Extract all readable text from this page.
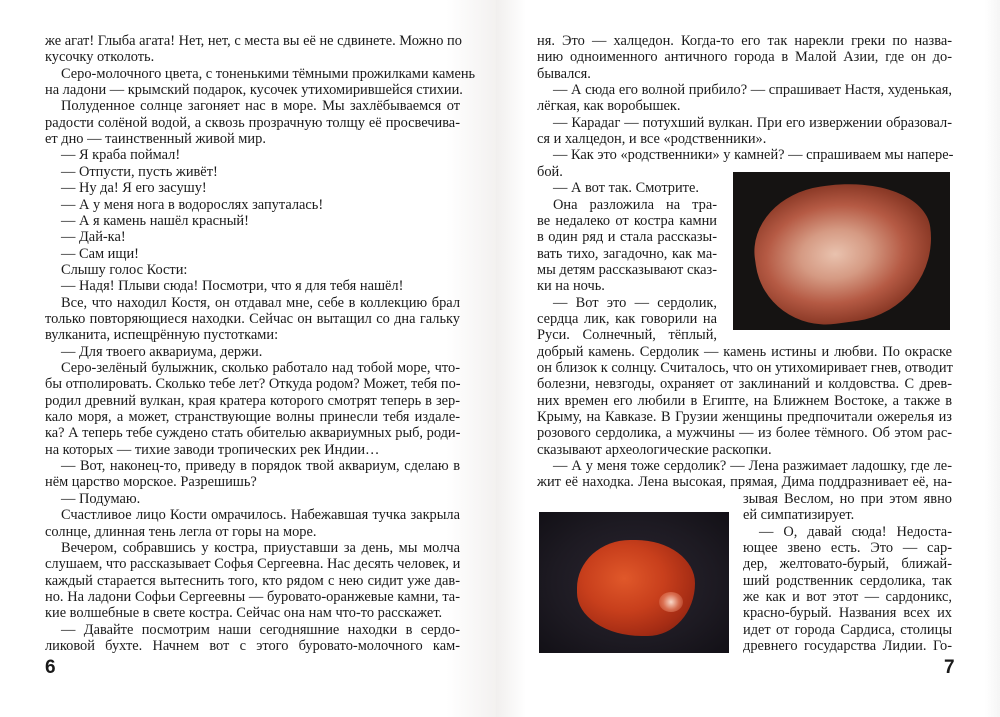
же агат! Глыба агата! Нет, нет, с места вы её не сдвинете. Можно по
кусочку отколоть.
Серо-молочного цвета, с тоненькими тёмными прожилками камень
на ладони — крымский подарок, кусочек утихомирившейся стихии.
Полуденное солнце загоняет нас в море. Мы захлёбываемся от
радости солёной водой, а сквозь прозрачную толщу её просвечива-
ет дно — таинственный живой мир.
— Я краба поймал!
— Отпусти, пусть живёт!
— Ну да! Я его засушу!
— А у меня нога в водорослях запуталась!
— А я камень нашёл красный!
— Дай-ка!
— Сам ищи!
Слышу голос Кости:
— Надя! Плыви сюда! Посмотри, что я для тебя нашёл!
Все, что находил Костя, он отдавал мне, себе в коллекцию брал
только повторяющиеся находки. Сейчас он вытащил со дна гальку
вулканита, испещрённую пустотками:
— Для твоего аквариума, держи.
Серо-зелёный булыжник, сколько работало над тобой море, что-
бы отполировать. Сколько тебе лет? Откуда родом? Может, тебя по-
родил древний вулкан, края кратера которого смотрят теперь в зер-
кало моря, а может, странствующие волны принесли тебя издале-
ка? А теперь тебе суждено стать обителью аквариумных рыб, роди-
на которых — тихие заводи тропических рек Индии…
— Вот, наконец-то, приведу в порядок твой аквариум, сделаю в
нём царство морское. Разрешишь?
— Подумаю.
Счастливое лицо Кости омрачилось. Набежавшая тучка закрыла
солнце, длинная тень легла от горы на море.
Вечером, собравшись у костра, приуставши за день, мы молча
слушаем, что рассказывает Софья Сергеевна. Нас десять человек, и
каждый старается вытеснить того, кто рядом с нею сидит уже дав-
но. На ладони Софьи Сергеевны — буровато-оранжевые камни, та-
кие волшебные в свете костра. Сейчас она нам что-то расскажет.
— Давайте посмотрим наши сегодняшние находки в сердо-
ликовой бухте. Начнем вот с этого буровато-молочного кам-
6
ня. Это — халцедон. Когда-то его так нарекли греки по назва-
нию одноименного античного города в Малой Азии, где он до-
бывался.
— А сюда его волной прибило? — спрашивает Настя, худенькая,
лёгкая, как воробышек.
— Карадаг — потухший вулкан. При его извержении образовал-
ся и халцедон, и все «родственники».
— Как это «родственники» у камней? — спрашиваем мы напере-
бой.
— А вот так. Смотрите.
Она разложила на тра-
ве недалеко от костра камни
в один ряд и стала рассказы-
вать тихо, загадочно, как ма-
мы детям рассказывают сказ-
ки на ночь.
— Вот это — сердолик,
сердца лик, как говорили на
Руси. Солнечный, тёплый,
добрый камень. Сердолик — камень истины и любви. По окраске
он близок к солнцу. Считалось, что он утихомиривает гнев, отводит
болезни, невзгоды, охраняет от заклинаний и колдовства. С древ-
них времен его любили в Египте, на Ближнем Востоке, а также в
Крыму, на Кавказе. В Грузии женщины предпочитали ожерелья из
розового сердолика, а мужчины — из более тёмного. Об этом рас-
сказывают археологические раскопки.
— А у меня тоже сердолик? — Лена разжимает ладошку, где ле-
жит её находка. Лена высокая, прямая, Дима поддразнивает её, на-
зывая Веслом, но при этом явно
ей симпатизирует.
— О, давай сюда! Недоста-
ющее звено есть. Это — сар-
дер, желтовато-бурый, ближай-
ший родственник сердолика, так
же как и вот этот — сардоникс,
красно-бурый. Названия всех их
идет от города Сардиса, столицы
древнего государства Лидии. Го-
7
